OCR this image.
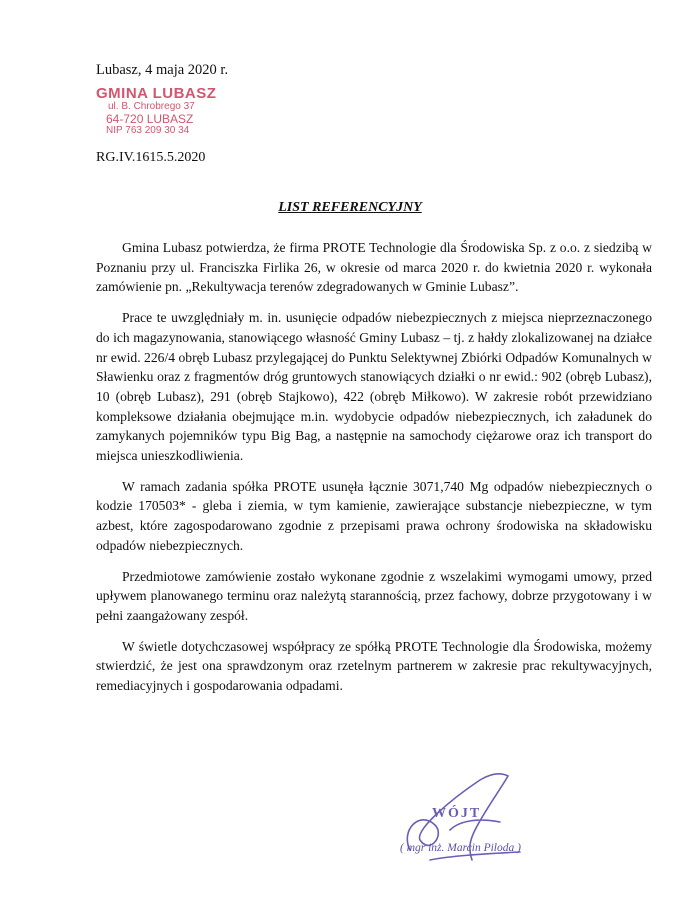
Lubasz, 4 maja 2020 r.
GMINA LUBASZ
ul. B. Chrobrego 37
64-720 LUBASZ
NIP 763 209 30 34
RG.IV.1615.5.2020
LIST REFERENCYJNY

Gmina Lubasz potwierdza, że firma PROTE Technologie dla Środowiska Sp. z o.o. z siedzibą w Poznaniu przy ul. Franciszka Firlika 26, w okresie od marca 2020 r. do kwietnia 2020 r. wykonała zamówienie pn. „Rekultywacja terenów zdegradowanych w Gminie Lubasz”.

Prace te uwzględniały m. in. usunięcie odpadów niebezpiecznych z miejsca nieprzeznaczonego do ich magazynowania, stanowiącego własność Gminy Lubasz – tj. z hałdy zlokalizowanej na działce nr ewid. 226/4 obręb Lubasz przylegającej do Punktu Selektywnej Zbiórki Odpadów Komunalnych w Sławienku oraz z fragmentów dróg gruntowych stanowiących działki o nr ewid.: 902 (obręb Lubasz), 10 (obręb Lubasz), 291 (obręb Stajkowo), 422 (obręb Miłkowo). W zakresie robót przewidziano kompleksowe działania obejmujące m.in. wydobycie odpadów niebezpiecznych, ich załadunek do zamykanych pojemników typu Big Bag, a następnie na samochody ciężarowe oraz ich transport do miejsca unieszkodliwienia.

W ramach zadania spółka PROTE usunęła łącznie 3071,740 Mg odpadów niebezpiecznych o kodzie 170503* - gleba i ziemia, w tym kamienie, zawierające substancje niebezpieczne, w tym azbest, które zagospodarowano zgodnie z przepisami prawa ochrony środowiska na składowisku odpadów niebezpiecznych.

Przedmiotowe zamówienie zostało wykonane zgodnie z wszelakimi wymogami umowy, przed upływem planowanego terminu oraz należytą starannością, przez fachowy, dobrze przygotowany i w pełni zaangażowany zespół.

W świetle dotychczasowej współpracy ze spółką PROTE Technologie dla Środowiska, możemy stwierdzić, że jest ona sprawdzonym oraz rzetelnym partnerem w zakresie prac rekultywacyjnych, remediacyjnych i gospodarowania odpadami.

WÓJT
( mgr inż. Marcin Piloda )
